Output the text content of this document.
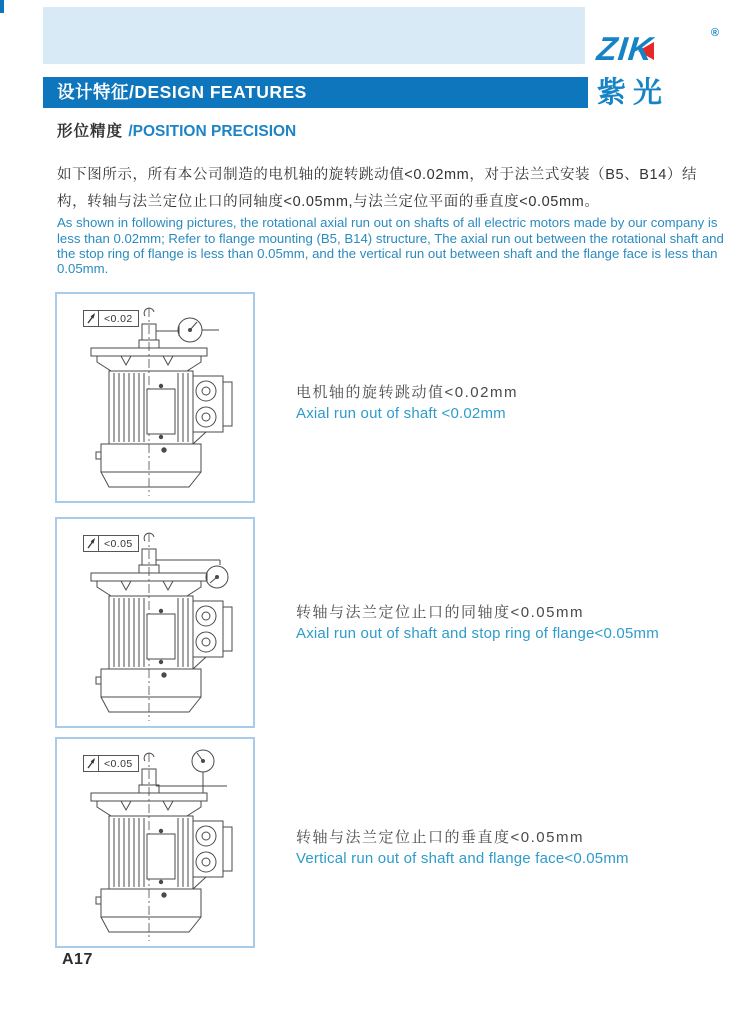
ZIK	®
紫光
设计特征/DESIGN FEATURES
形位精度 /POSITION PRECISION

如下图所示，所有本公司制造的电机轴的旋转跳动值<0.02mm，对于法兰式安装（B5、B14）结构，转轴与法兰定位止口的同轴度<0.05mm,与法兰定位平面的垂直度<0.05mm。

As shown in following pictures, the rotational axial run out on shafts of all electric motors made by our company is less than 0.02mm; Refer to flange mounting (B5, B14) structure, The axial run out between the rotational shaft and the stop ring of flange is less than 0.05mm, and the vertical run out between shaft and the flange face is less than 0.05mm.

<0.02
电机轴的旋转跳动值<0.02mm
Axial run out of shaft <0.02mm
<0.05
转轴与法兰定位止口的同轴度<0.05mm
Axial run out of shaft and stop ring of flange<0.05mm
<0.05
转轴与法兰定位止口的垂直度<0.05mm
Vertical run out of shaft and flange face<0.05mm
A17
